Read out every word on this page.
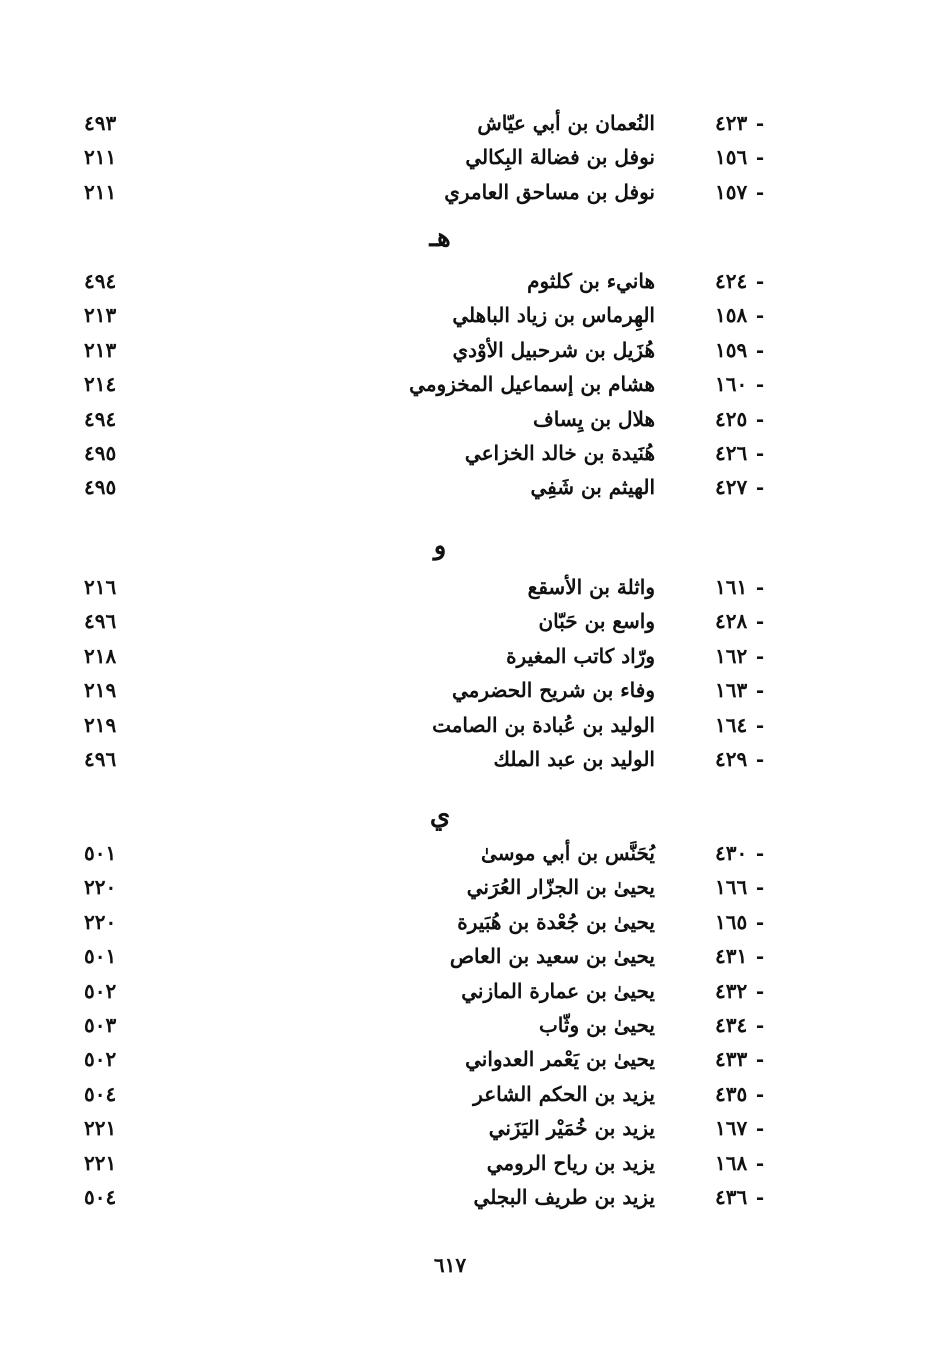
٦١٧
٤٢٣ -
النُعمان بن أبي عيّاش
٤٩٣
١٥٦ -
نوفل بن فضالة البِكالي
٢١١
١٥٧ -
نوفل بن مساحق العامري
٢١١
هـ
٤٢٤ -
هانيء بن كلثوم
٤٩٤
١٥٨ -
الهِرماس بن زياد الباهلي
٢١٣
١٥٩ -
هُزَيل بن شرحبيل الأوْدي
٢١٣
١٦٠ -
هشام بن إسماعيل المخزومي
٢١٤
٤٢٥ -
هلال بن يِساف
٤٩٤
٤٢٦ -
هُنَيدة بن خالد الخزاعي
٤٩٥
٤٢٧ -
الهيثم بن شَفِي
٤٩٥
و
١٦١ -
واثلة بن الأسقع
٢١٦
٤٢٨ -
واسع بن حَبّان
٤٩٦
١٦٢ -
ورّاد كاتب المغيرة
٢١٨
١٦٣ -
وفاء بن شريح الحضرمي
٢١٩
١٦٤ -
الوليد بن عُبادة بن الصامت
٢١٩
٤٢٩ -
الوليد بن عبد الملك
٤٩٦
ي
٤٣٠ -
يُحَنَّس بن أبي موسىٰ
٥٠١
١٦٦ -
يحيىٰ بن الجزّار العُرَني
٢٢٠
١٦٥ -
يحيىٰ بن جُعْدة بن هُبَيرة
٢٢٠
٤٣١ -
يحيىٰ بن سعيد بن العاص
٥٠١
٤٣٢ -
يحيىٰ بن عمارة المازني
٥٠٢
٤٣٤ -
يحيىٰ بن وثّاب
٥٠٣
٤٣٣ -
يحيىٰ بن يَعْمر العدواني
٥٠٢
٤٣٥ -
يزيد بن الحكم الشاعر
٥٠٤
١٦٧ -
يزيد بن خُمَيْر اليَزَني
٢٢١
١٦٨ -
يزيد بن رياح الرومي
٢٢١
٤٣٦ -
يزيد بن طريف البجلي
٥٠٤
